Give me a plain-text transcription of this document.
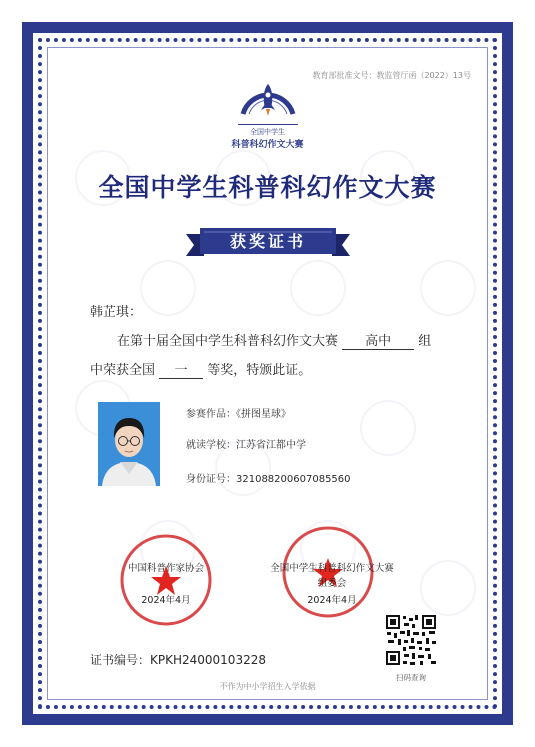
教育部批准文号：教监管厅函（2022）13号
全国中学生
科普科幻作文大赛
全国中学生科普科幻作文大赛
获奖证书
韩芷琪：
在第十届全国中学生科普科幻作文大赛 高中 组
中荣获全国 一 等奖，特颁此证。
参赛作品：《拼图星球》
就读学校：江苏省江都中学
身份证号：321088200607085560
中国科普作家协会
2024年4月
全国中学生科普科幻作文大赛
组委会
2024年4月
扫码查询
证书编号：KPKH24000103228
不作为中小学招生入学依据
